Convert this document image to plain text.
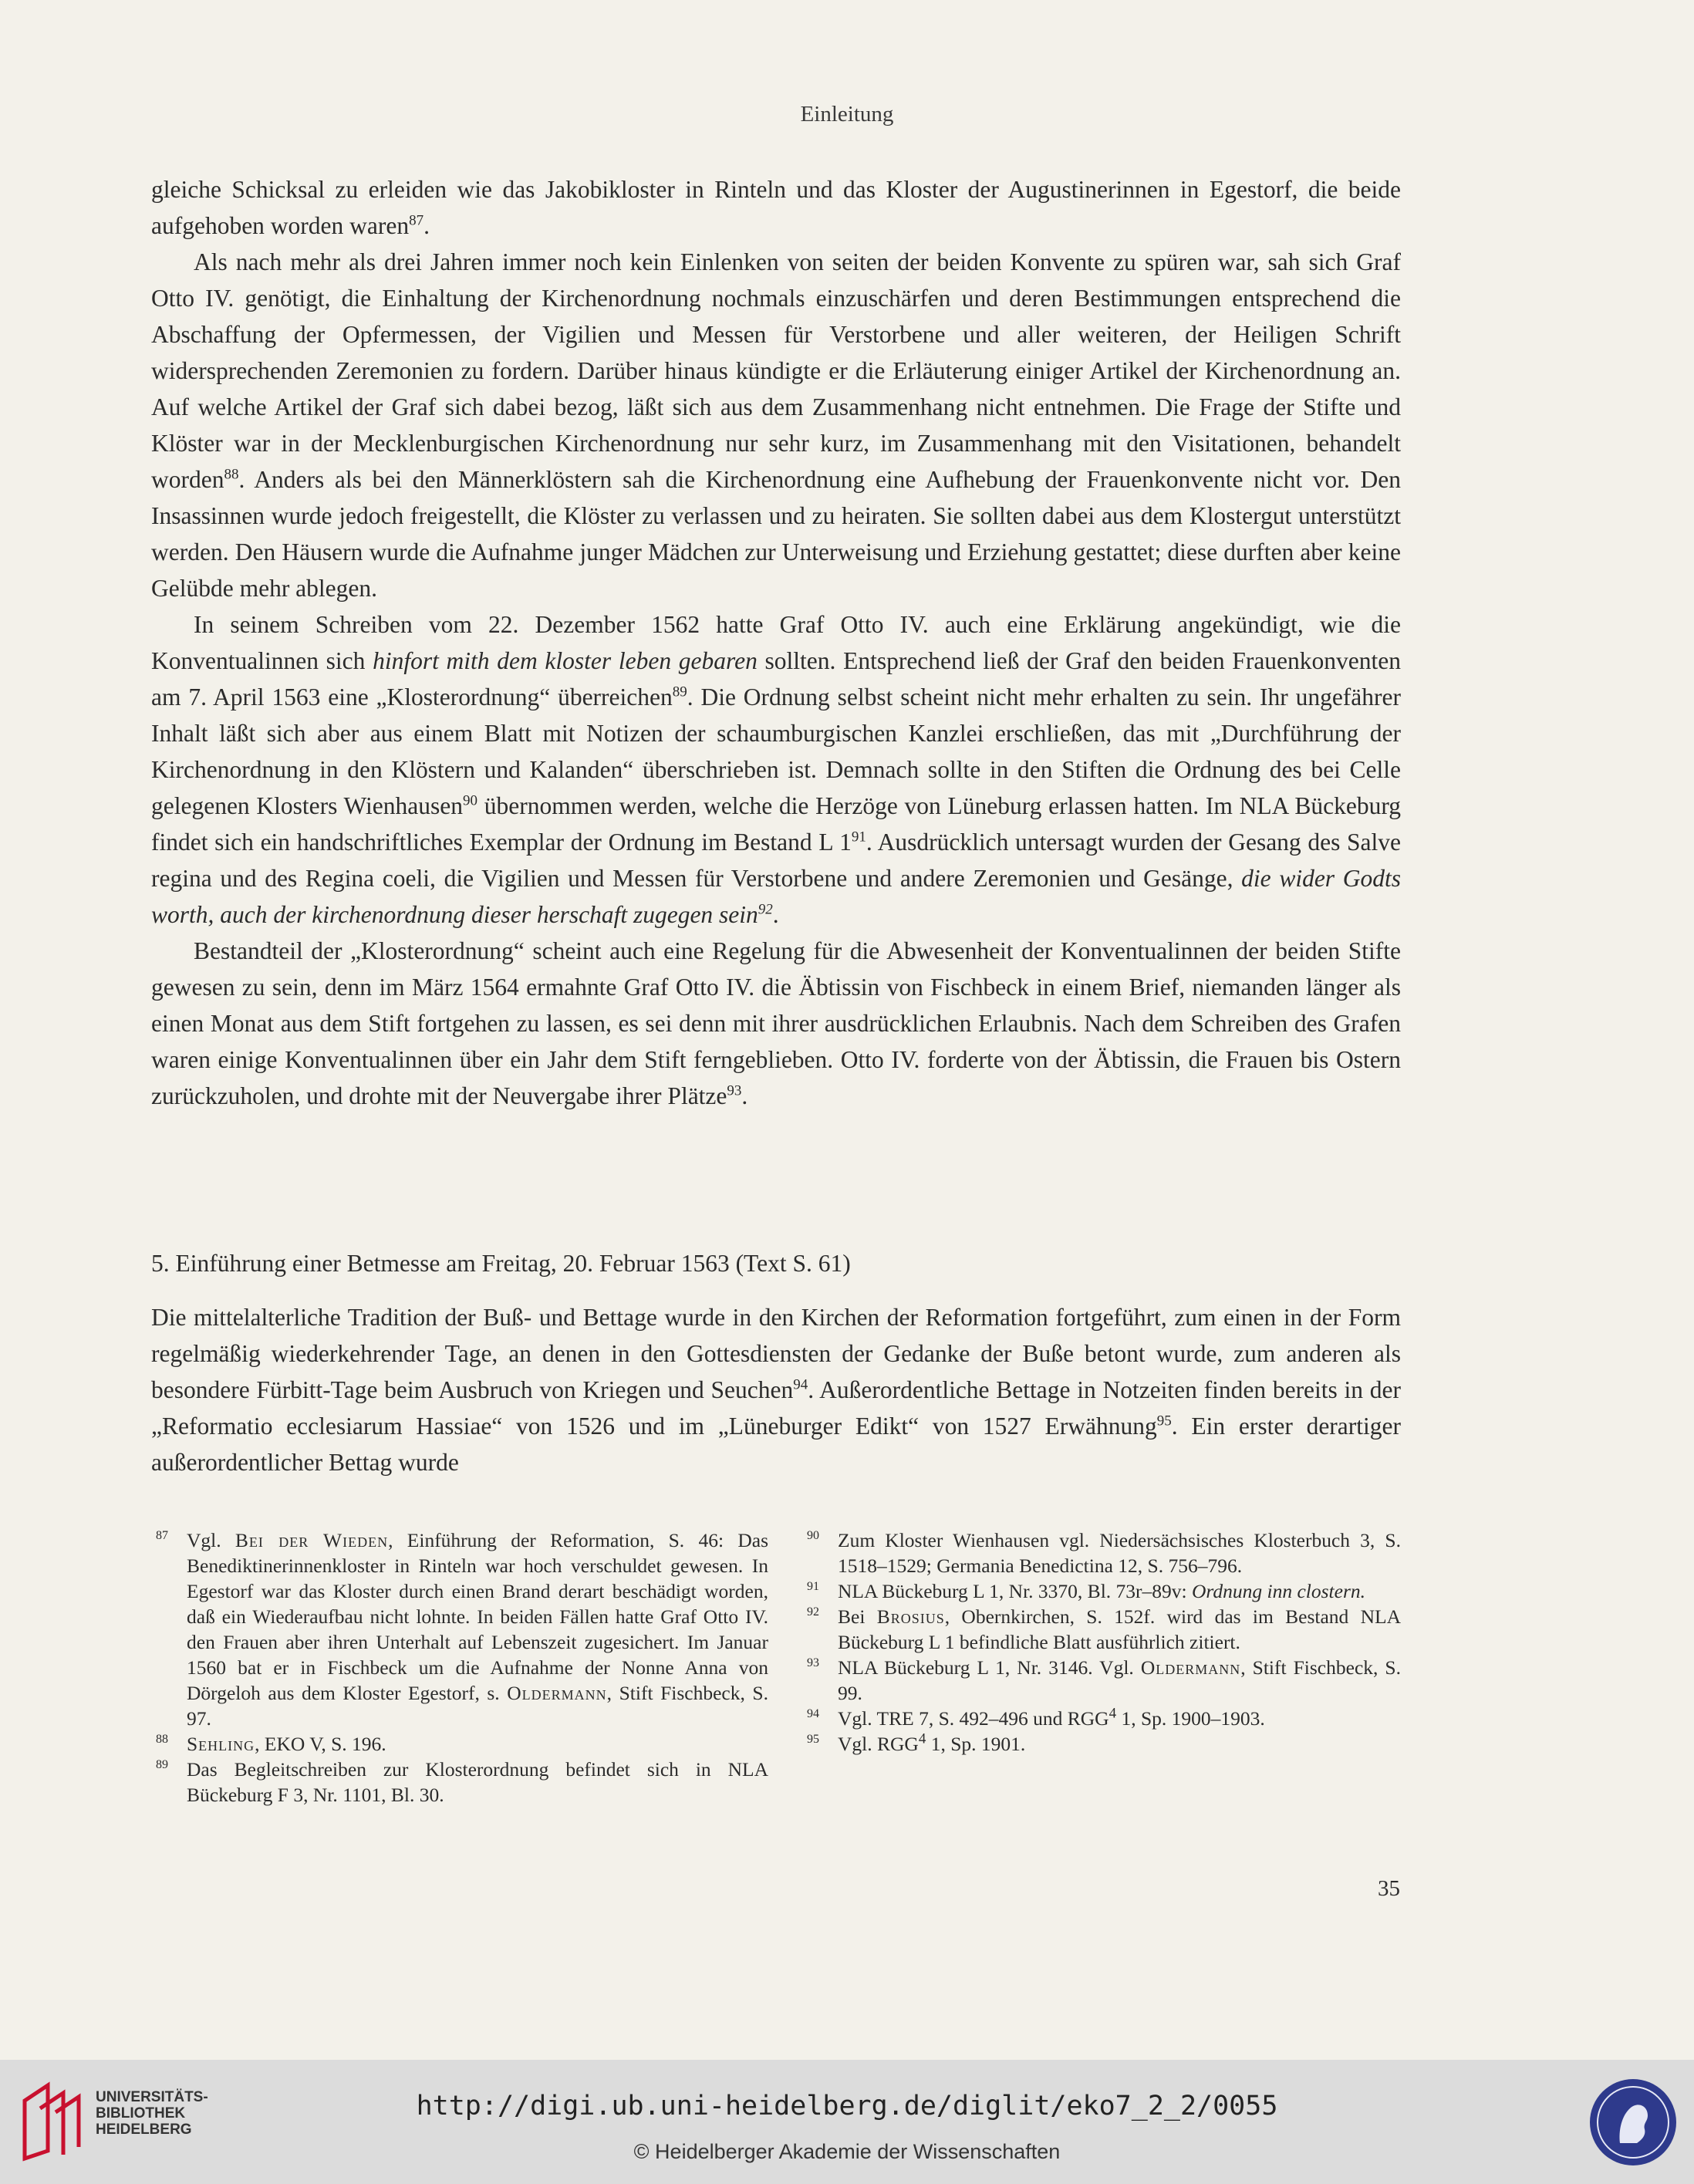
Einleitung

gleiche Schicksal zu erleiden wie das Jakobikloster in Rinteln und das Kloster der Augustinerinnen in Egestorf, die beide aufgehoben worden waren$^{87}$.

Als nach mehr als drei Jahren immer noch kein Einlenken von seiten der beiden Konvente zu spüren war, sah sich Graf Otto IV. genötigt, die Einhaltung der Kirchenordnung nochmals einzuschärfen und deren Bestimmungen entsprechend die Abschaffung der Opfermessen, der Vigilien und Messen für Verstorbene und aller weiteren, der Heiligen Schrift widersprechenden Zeremonien zu fordern. Darüber hinaus kündigte er die Erläuterung einiger Artikel der Kirchenordnung an. Auf welche Artikel der Graf sich dabei bezog, läßt sich aus dem Zusammenhang nicht entnehmen. Die Frage der Stifte und Klöster war in der Mecklenburgischen Kirchenordnung nur sehr kurz, im Zusammenhang mit den Visitationen, behandelt worden$^{88}$. Anders als bei den Männerklöstern sah die Kirchenordnung eine Aufhebung der Frauenkonvente nicht vor. Den Insassinnen wurde jedoch freigestellt, die Klöster zu verlassen und zu heiraten. Sie sollten dabei aus dem Klostergut unterstützt werden. Den Häusern wurde die Aufnahme junger Mädchen zur Unterweisung und Erziehung gestattet; diese durften aber keine Gelübde mehr ablegen.

In seinem Schreiben vom 22. Dezember 1562 hatte Graf Otto IV. auch eine Erklärung angekündigt, wie die Konventualinnen sich hinfort mith dem kloster leben gebaren sollten. Entsprechend ließ der Graf den beiden Frauenkonventen am 7. April 1563 eine „Klosterordnung“ überreichen$^{89}$. Die Ordnung selbst scheint nicht mehr erhalten zu sein. Ihr ungefährer Inhalt läßt sich aber aus einem Blatt mit Notizen der schaumburgischen Kanzlei erschließen, das mit „Durchführung der Kirchenordnung in den Klöstern und Kalanden“ überschrieben ist. Demnach sollte in den Stiften die Ordnung des bei Celle gelegenen Klosters Wienhausen$^{90}$ übernommen werden, welche die Herzöge von Lüneburg erlassen hatten. Im NLA Bückeburg findet sich ein handschriftliches Exemplar der Ordnung im Bestand L $1^{91}$. Ausdrücklich untersagt wurden der Gesang des Salve regina und des Regina coeli, die Vigilien und Messen für Verstorbene und andere Zeremonien und Gesänge, die wider Godts worth, auch der kirchenordnung dieser herschaft zugegen sein$^{92}$.

Bestandteil der „Klosterordnung“ scheint auch eine Regelung für die Abwesenheit der Konventualinnen der beiden Stifte gewesen zu sein, denn im März 1564 ermahnte Graf Otto IV. die Äbtissin von Fischbeck in einem Brief, niemanden länger als einen Monat aus dem Stift fortgehen zu lassen, es sei denn mit ihrer ausdrücklichen Erlaubnis. Nach dem Schreiben des Grafen waren einige Konventualinnen über ein Jahr dem Stift ferngeblieben. Otto IV. forderte von der Äbtissin, die Frauen bis Ostern zurückzuholen, und drohte mit der Neuvergabe ihrer Plätze$^{93}$.

5. Einführung einer Betmesse am Freitag, 20. Februar 1563 (Text S. 61)

Die mittelalterliche Tradition der Buß- und Bettage wurde in den Kirchen der Reformation fortgeführt, zum einen in der Form regelmäßig wiederkehrender Tage, an denen in den Gottesdiensten der Gedanke der Buße betont wurde, zum anderen als besondere Fürbitt-Tage beim Ausbruch von Kriegen und Seuchen$^{94}$. Außerordentliche Bettage in Notzeiten finden bereits in der „Reformatio ecclesiarum Hassiae“ von 1526 und im „Lüneburger Edikt“ von 1527 Erwähnung$^{95}$. Ein erster derartiger außerordentlicher Bettag wurde

87 Vgl. Bei der Wieden, Einführung der Reformation, S. 46: Das Benediktinerinnenkloster in Rinteln war hoch verschuldet gewesen. In Egestorf war das Kloster durch einen Brand derart beschädigt worden, daß ein Wiederaufbau nicht lohnte. In beiden Fällen hatte Graf Otto IV. den Frauen aber ihren Unterhalt auf Lebenszeit zugesichert. Im Januar 1560 bat er in Fischbeck um die Aufnahme der Nonne Anna von Dörgeloh aus dem Kloster Egestorf, s. Oldermann, Stift Fischbeck, S. 97.

88 Sehling, EKO V, S. 196.

89 Das Begleitschreiben zur Klosterordnung befindet sich in NLA Bückeburg F 3, Nr. 1101, Bl. 30.

90 Zum Kloster Wienhausen vgl. Niedersächsisches Klosterbuch 3, S. 1518–1529; Germania Benedictina 12, S. 756–796.

91 NLA Bückeburg L 1, Nr. 3370, Bl. 73r–89v: Ordnung inn clostern.

92 Bei Brosius, Obernkirchen, S. 152f. wird das im Bestand NLA Bückeburg L 1 befindliche Blatt ausführlich zitiert.

93 NLA Bückeburg L 1, Nr. 3146. Vgl. Oldermann, Stift Fischbeck, S. 99.

94 Vgl. TRE 7, S. 492–496 und RGG$^4$ 1, Sp. 1900–1903.

95 Vgl. RGG$^4$ 1, Sp. 1901.

35
UNIVERSITÄTS-
BIBLIOTHEK
HEIDELBERG
http://digi.ub.uni-heidelberg.de/diglit/eko7_2_2/0055
© Heidelberger Akademie der Wissenschaften
